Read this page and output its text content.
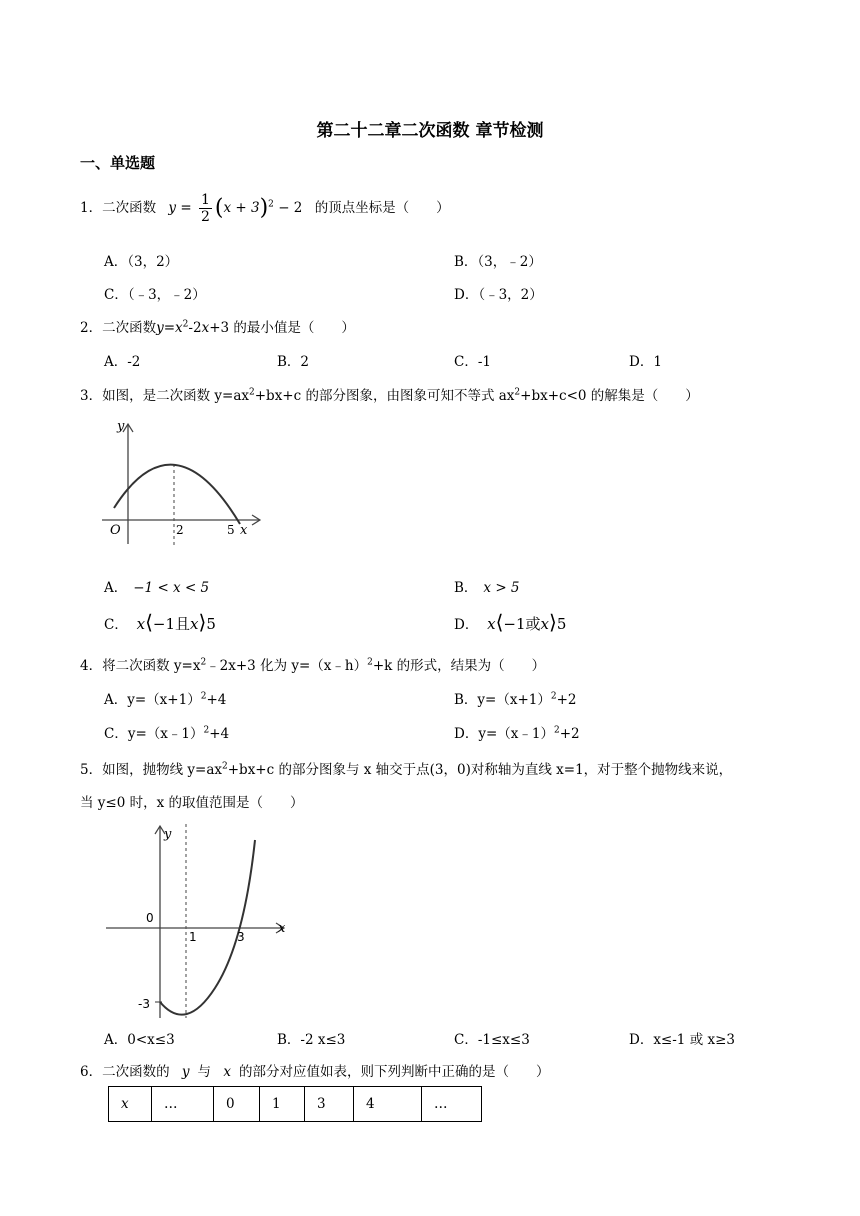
第二十二章二次函数 章节检测
一、单选题
1．二次函数 $y = \frac{1}{2} (x + 3)^2 - 2$ 的顶点坐标是（　　）
A．（3，2）	B．（3，﹣2）
C．（﹣3，﹣2）	D．（﹣3，2）
2．二次函数$y=x^2-2x+3$ 的最小值是（　　）
A．-2	B．2	C．-1	D．1
3．如图，是二次函数 $y=ax^2+bx+c$ 的部分图象，由图象可知不等式 $ax^2+bx+c<0$ 的解集是（　　）
y
O	2	5 x
A． −1 < x < 5	B． x > 5
C． x⟨−1且x⟩5	D． x⟨−1或x⟩5
4．将二次函数 $y=x^2﹣2x+3$ 化为 y=（x﹣h）$^2$+k 的形式，结果为（　　）
A．$y=(x+1)^2+4$	B．$y=(x+1)^2+2$
C．y=（x﹣1）$^2$+4	D．y=（x﹣1）$^2$+2
5．如图，抛物线 $y=ax^2+bx+c$ 的部分图象与 x 轴交于点(3，0)对称轴为直线 x=1，对于整个抛物线来说，
当 y≤0 时，x 的取值范围是（　　）
y
x
0
1	3
-3
A．0<x≤3	B．-2 x≤3	C．-1≤x≤3	D．x≤-1 或 x≥3
6．二次函数的 y 与 x 的部分对应值如表，则下列判断中正确的是（　　）
x	…	0	1	3	4	…
